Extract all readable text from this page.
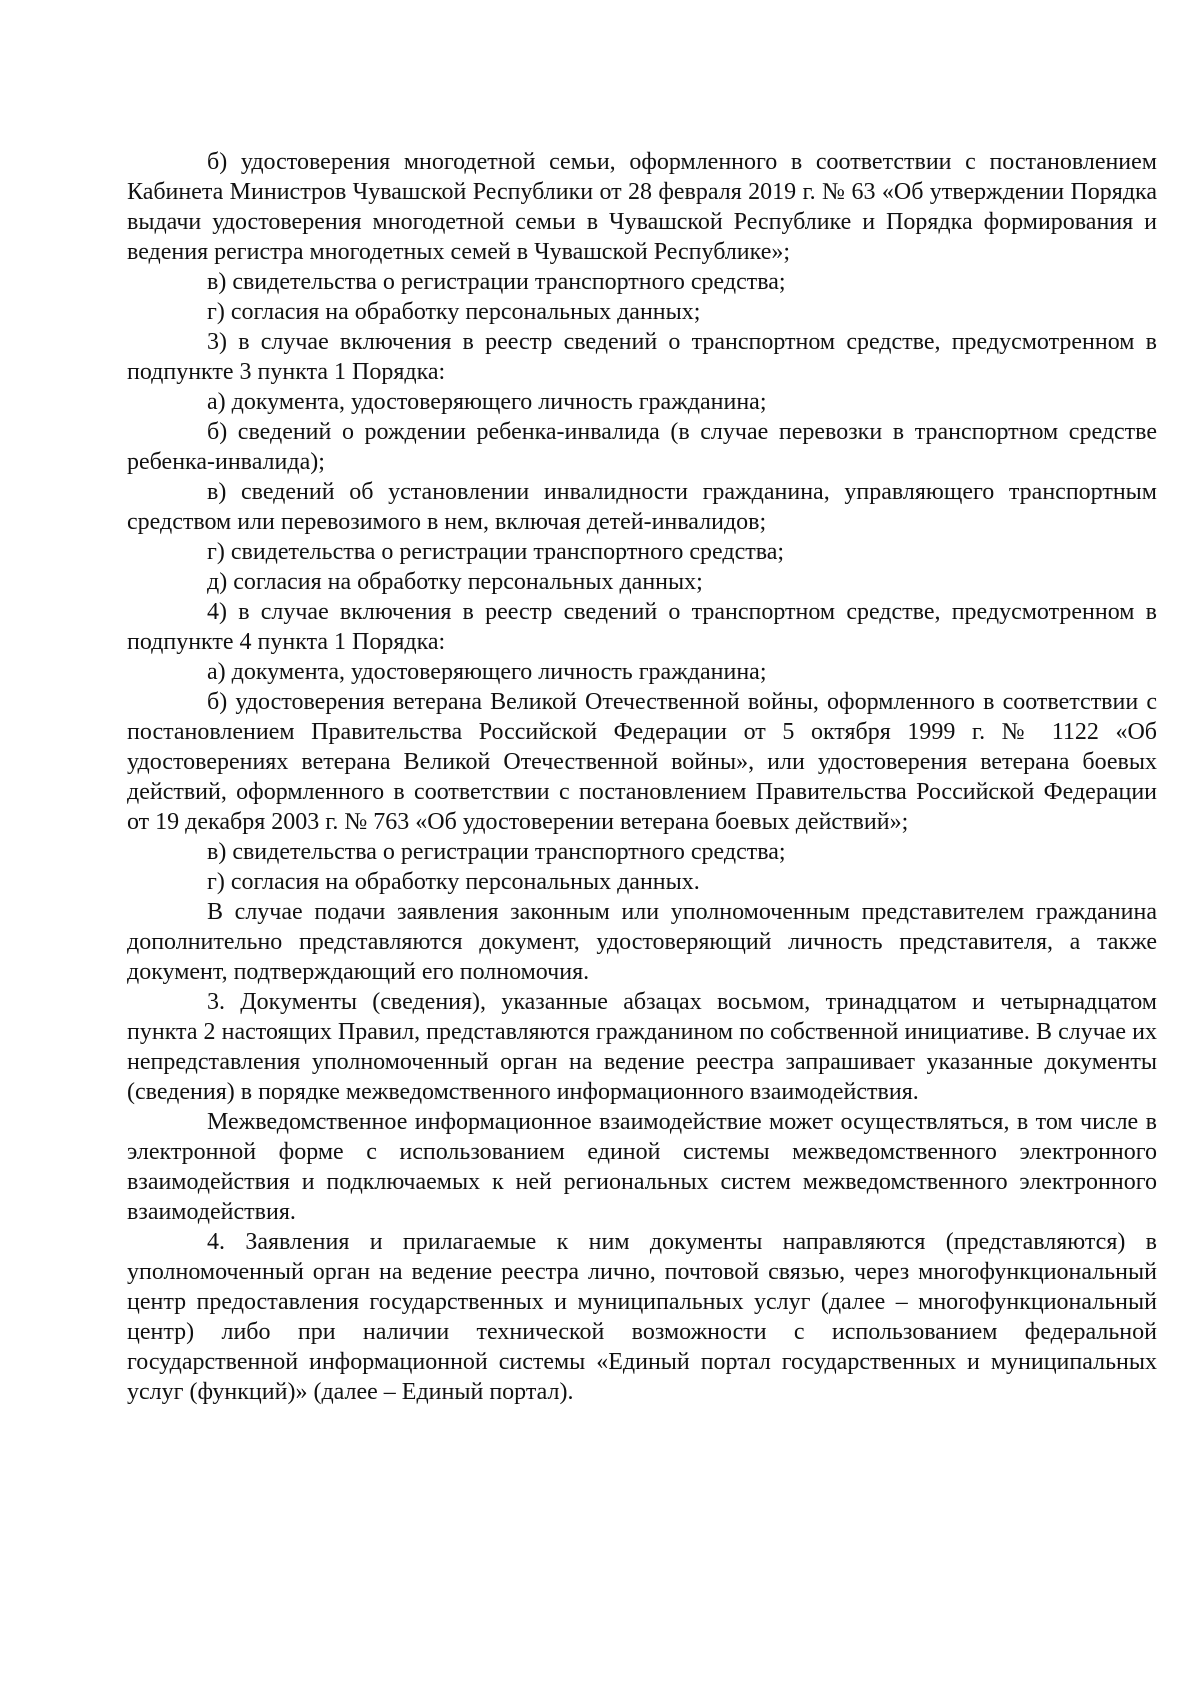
б) удостоверения многодетной семьи, оформленного в соответствии с постановлением Кабинета Министров Чувашской Республики от 28 февраля 2019 г. № 63 «Об утверждении Порядка выдачи удостоверения многодетной семьи в Чувашской Республике и Порядка формирования и ведения регистра многодетных семей в Чувашской Республике»;

в) свидетельства о регистрации транспортного средства;

г) согласия на обработку персональных данных;

3) в случае включения в реестр сведений о транспортном средстве, предусмотренном в подпункте 3 пункта 1 Порядка:

а) документа, удостоверяющего личность гражданина;

б) сведений о рождении ребенка-инвалида (в случае перевозки в транспортном средстве ребенка-инвалида);

в) сведений об установлении инвалидности гражданина, управляющего транспортным средством или перевозимого в нем, включая детей-инвалидов;

г) свидетельства о регистрации транспортного средства;

д) согласия на обработку персональных данных;

4) в случае включения в реестр сведений о транспортном средстве, предусмотренном в подпункте 4 пункта 1 Порядка:

а) документа, удостоверяющего личность гражданина;

б) удостоверения ветерана Великой Отечественной войны, оформленного в соответствии с постановлением Правительства Российской Федерации от 5 октября 1999 г. № 1122 «Об удостоверениях ветерана Великой Отечественной войны», или удостоверения ветерана боевых действий, оформленного в соответствии с постановлением Правительства Российской Федерации от 19 декабря 2003 г. № 763 «Об удостоверении ветерана боевых действий»;

в) свидетельства о регистрации транспортного средства;

г) согласия на обработку персональных данных.

В случае подачи заявления законным или уполномоченным представителем гражданина дополнительно представляются документ, удостоверяющий личность представителя, а также документ, подтверждающий его полномочия.

3. Документы (сведения), указанные абзацах восьмом, тринадцатом и четырнадцатом пункта 2 настоящих Правил, представляются гражданином по собственной инициативе. В случае их непредставления уполномоченный орган на ведение реестра запрашивает указанные документы (сведения) в порядке межведомственного информационного взаимодействия.

Межведомственное информационное взаимодействие может осуществляться, в том числе в электронной форме с использованием единой системы межведомственного электронного взаимодействия и подключаемых к ней региональных систем межведомственного электронного взаимодействия.

4. Заявления и прилагаемые к ним документы направляются (представляются) в уполномоченный орган на ведение реестра лично, почтовой связью, через многофункциональный центр предоставления государственных и муниципальных услуг (далее – многофункциональный центр) либо при наличии технической возможности с использованием федеральной государственной информационной системы «Единый портал государственных и муниципальных услуг (функций)» (далее – Единый портал).
